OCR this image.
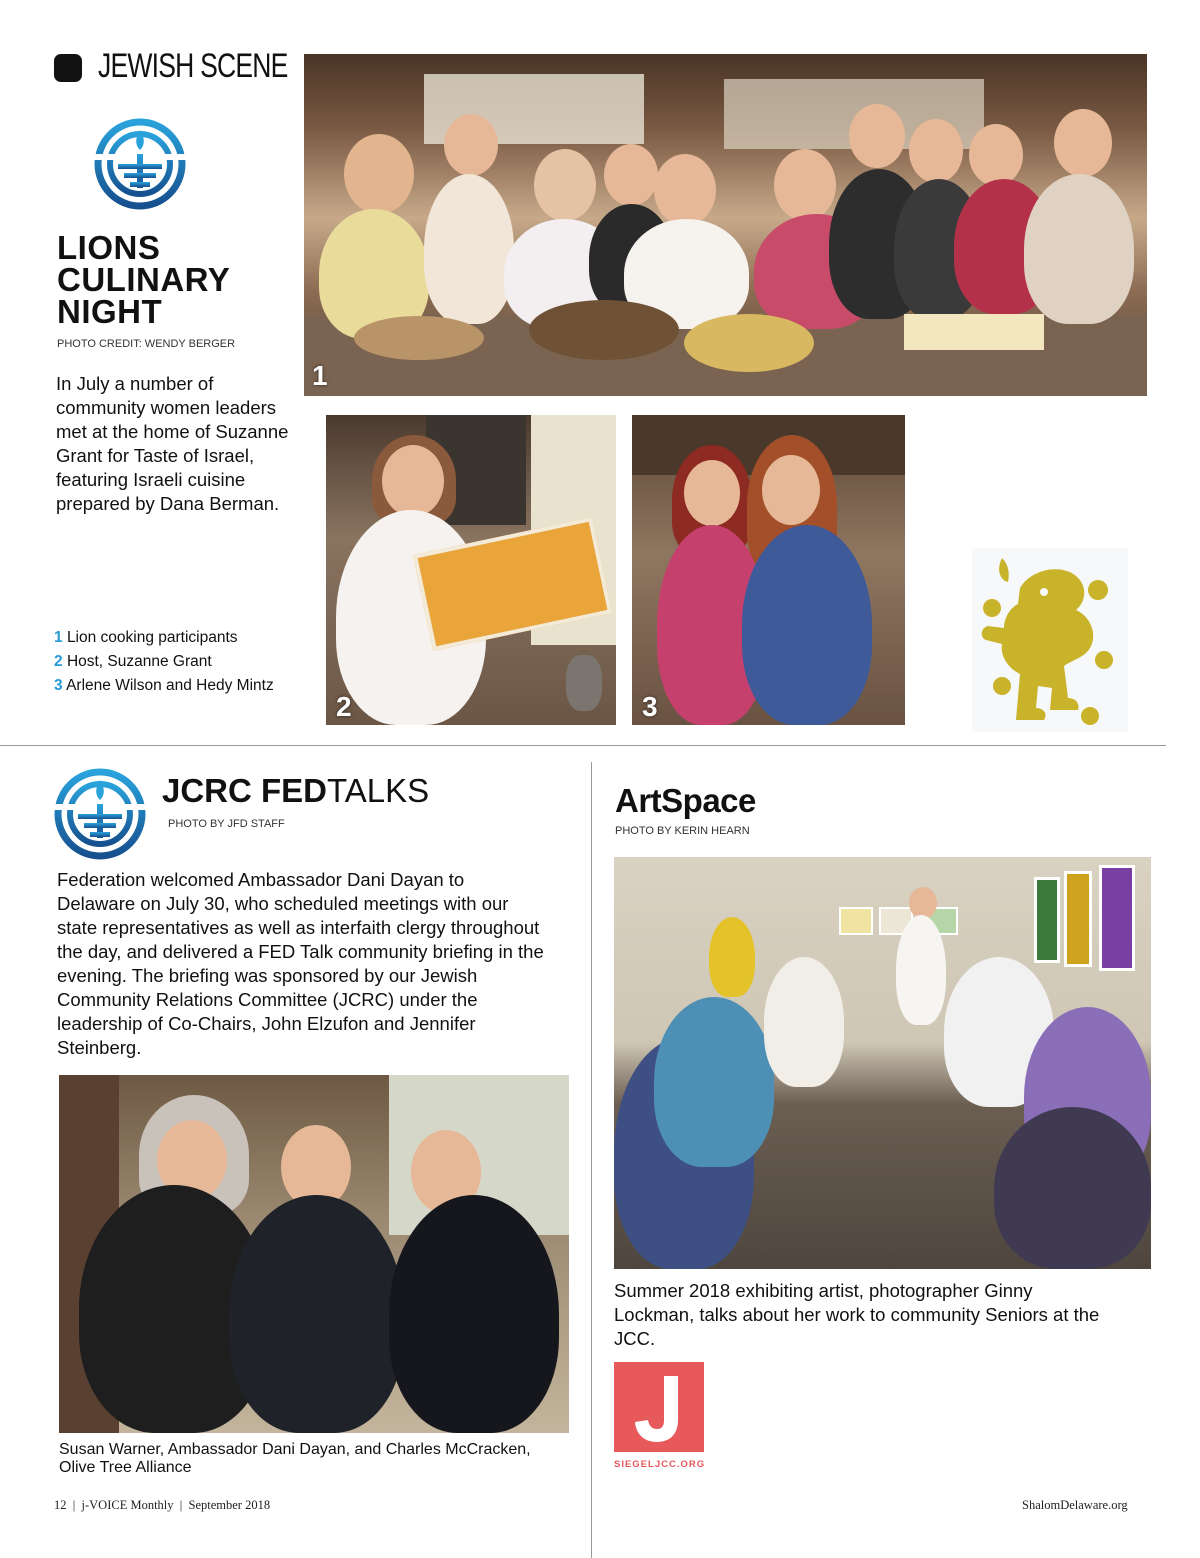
JEWISH SCENE
LIONS
CULINARY
NIGHT
PHOTO CREDIT: WENDY BERGER
In July a number of community women leaders met at the home of Suzanne Grant for Taste of Israel, featuring Israeli cuisine prepared by Dana Berman.
1 Lion cooking participants
2 Host, Suzanne Grant
3 Arlene Wilson and Hedy Mintz
1
2	3
JCRC FEDTALKS
PHOTO BY JFD STAFF
Federation welcomed Ambassador Dani Dayan to Delaware on July 30, who scheduled meetings with our state representatives as well as interfaith clergy throughout the day, and delivered a FED Talk community briefing in the evening. The briefing was sponsored by our Jewish Community Relations Committee (JCRC) under the leadership of Co-Chairs, John Elzufon and Jennifer Steinberg.
Susan Warner, Ambassador Dani Dayan, and Charles McCracken, Olive Tree Alliance
ArtSpace
PHOTO BY KERIN HEARN
Summer 2018 exhibiting artist, photographer Ginny Lockman, talks about her work to community Seniors at the JCC.
SIEGELJCC.ORG
12  |  j-VOICE Monthly  |  September 2018	ShalomDelaware.org
